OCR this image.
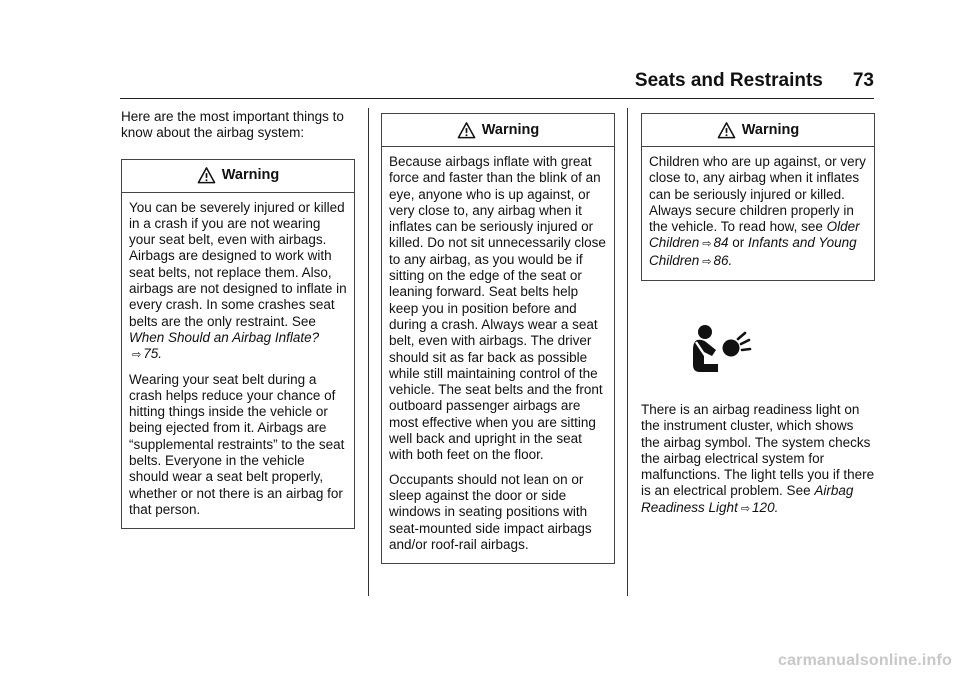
Seats and Restraints 73

Here are the most important things to know about the airbag system:

Warning

You can be severely injured or killed in a crash if you are not wearing your seat belt, even with airbags. Airbags are designed to work with seat belts, not replace them. Also, airbags are not designed to inflate in every crash. In some crashes seat belts are the only restraint. See When Should an Airbag Inflate?⇨ 75.

Wearing your seat belt during a crash helps reduce your chance of hitting things inside the vehicle or being ejected from it. Airbags are “supplemental restraints” to the seat belts. Everyone in the vehicle should wear a seat belt properly, whether or not there is an airbag for that person.

Warning

Because airbags inflate with great force and faster than the blink of an eye, anyone who is up against, or very close to, any airbag when it inflates can be seriously injured or killed. Do not sit unnecessarily close to any airbag, as you would be if sitting on the edge of the seat or leaning forward. Seat belts help keep you in position before and during a crash. Always wear a seat belt, even with airbags. The driver should sit as far back as possible while still maintaining control of the vehicle. The seat belts and the front outboard passenger airbags are most effective when you are sitting well back and upright in the seat with both feet on the floor.

Occupants should not lean on or sleep against the door or side windows in seating positions with seat-mounted side impact airbags and/or roof-rail airbags.

Warning

Children who are up against, or very close to, any airbag when it inflates can be seriously injured or killed. Always secure children properly in the vehicle. To read how, see Older Children ⇨ 84 or Infants and Young Children ⇨ 86.

There is an airbag readiness light on the instrument cluster, which shows the airbag symbol. The system checks the airbag electrical system for malfunctions. The light tells you if there is an electrical problem. See Airbag Readiness Light ⇨ 120.

carmanualsonline.info
